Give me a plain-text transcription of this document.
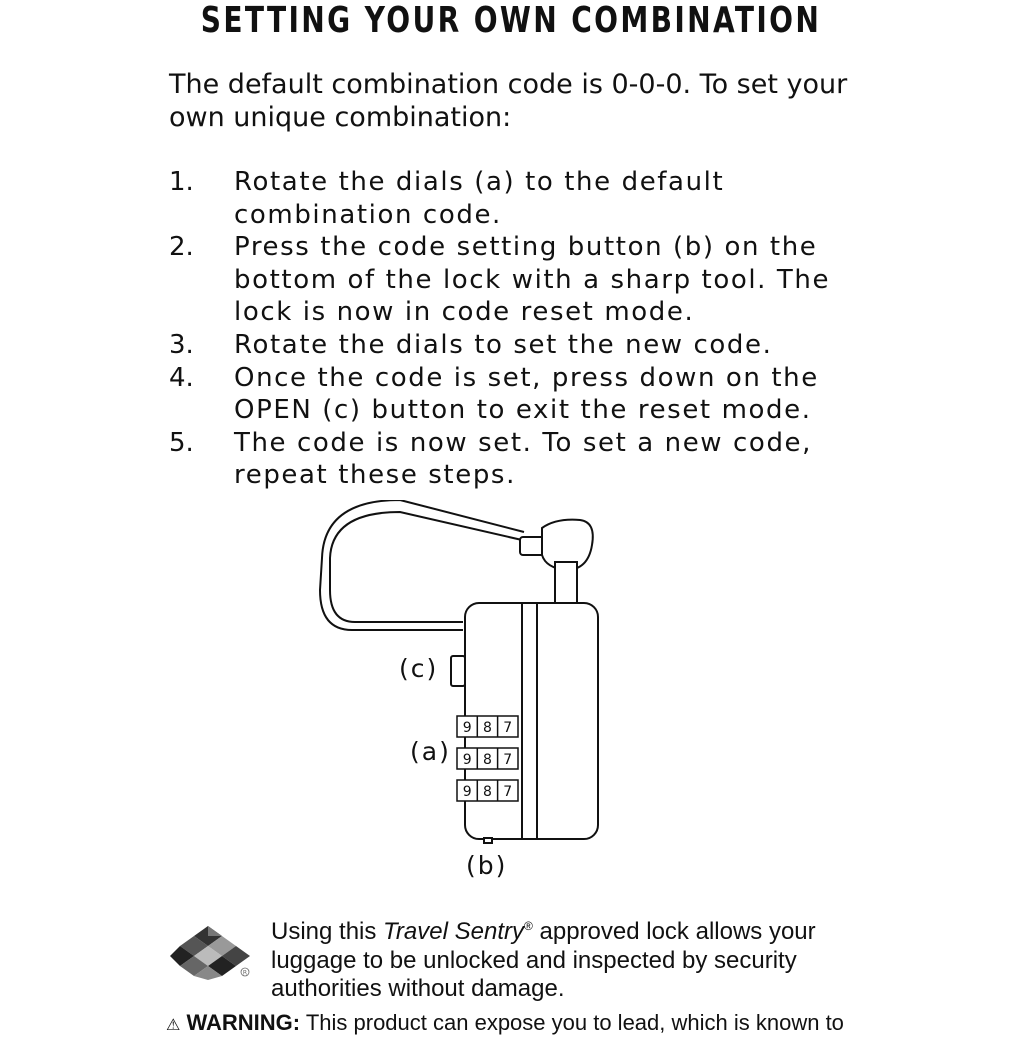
SETTING YOUR OWN COMBINATION
The default combination code is 0-0-0. To set your own unique combination:
1.	Rotate the dials (a) to the default combination code.
2.	Press the code setting button (b) on the bottom of the lock with a sharp tool. The lock is now in code reset mode.
3.	Rotate the dials to set the new code.
4.	Once the code is set, press down on the OPEN (c) button to exit the reset mode.
5.	The code is now set. To set a new code, repeat these steps.
9 8 7
9 8 7
9 8 7
(c)
(a)
(b)
R
Using this Travel Sentry® approved lock allows your luggage to be unlocked and inspected by security authorities without damage.
⚠ WARNING: This product can expose you to lead, which is known to
